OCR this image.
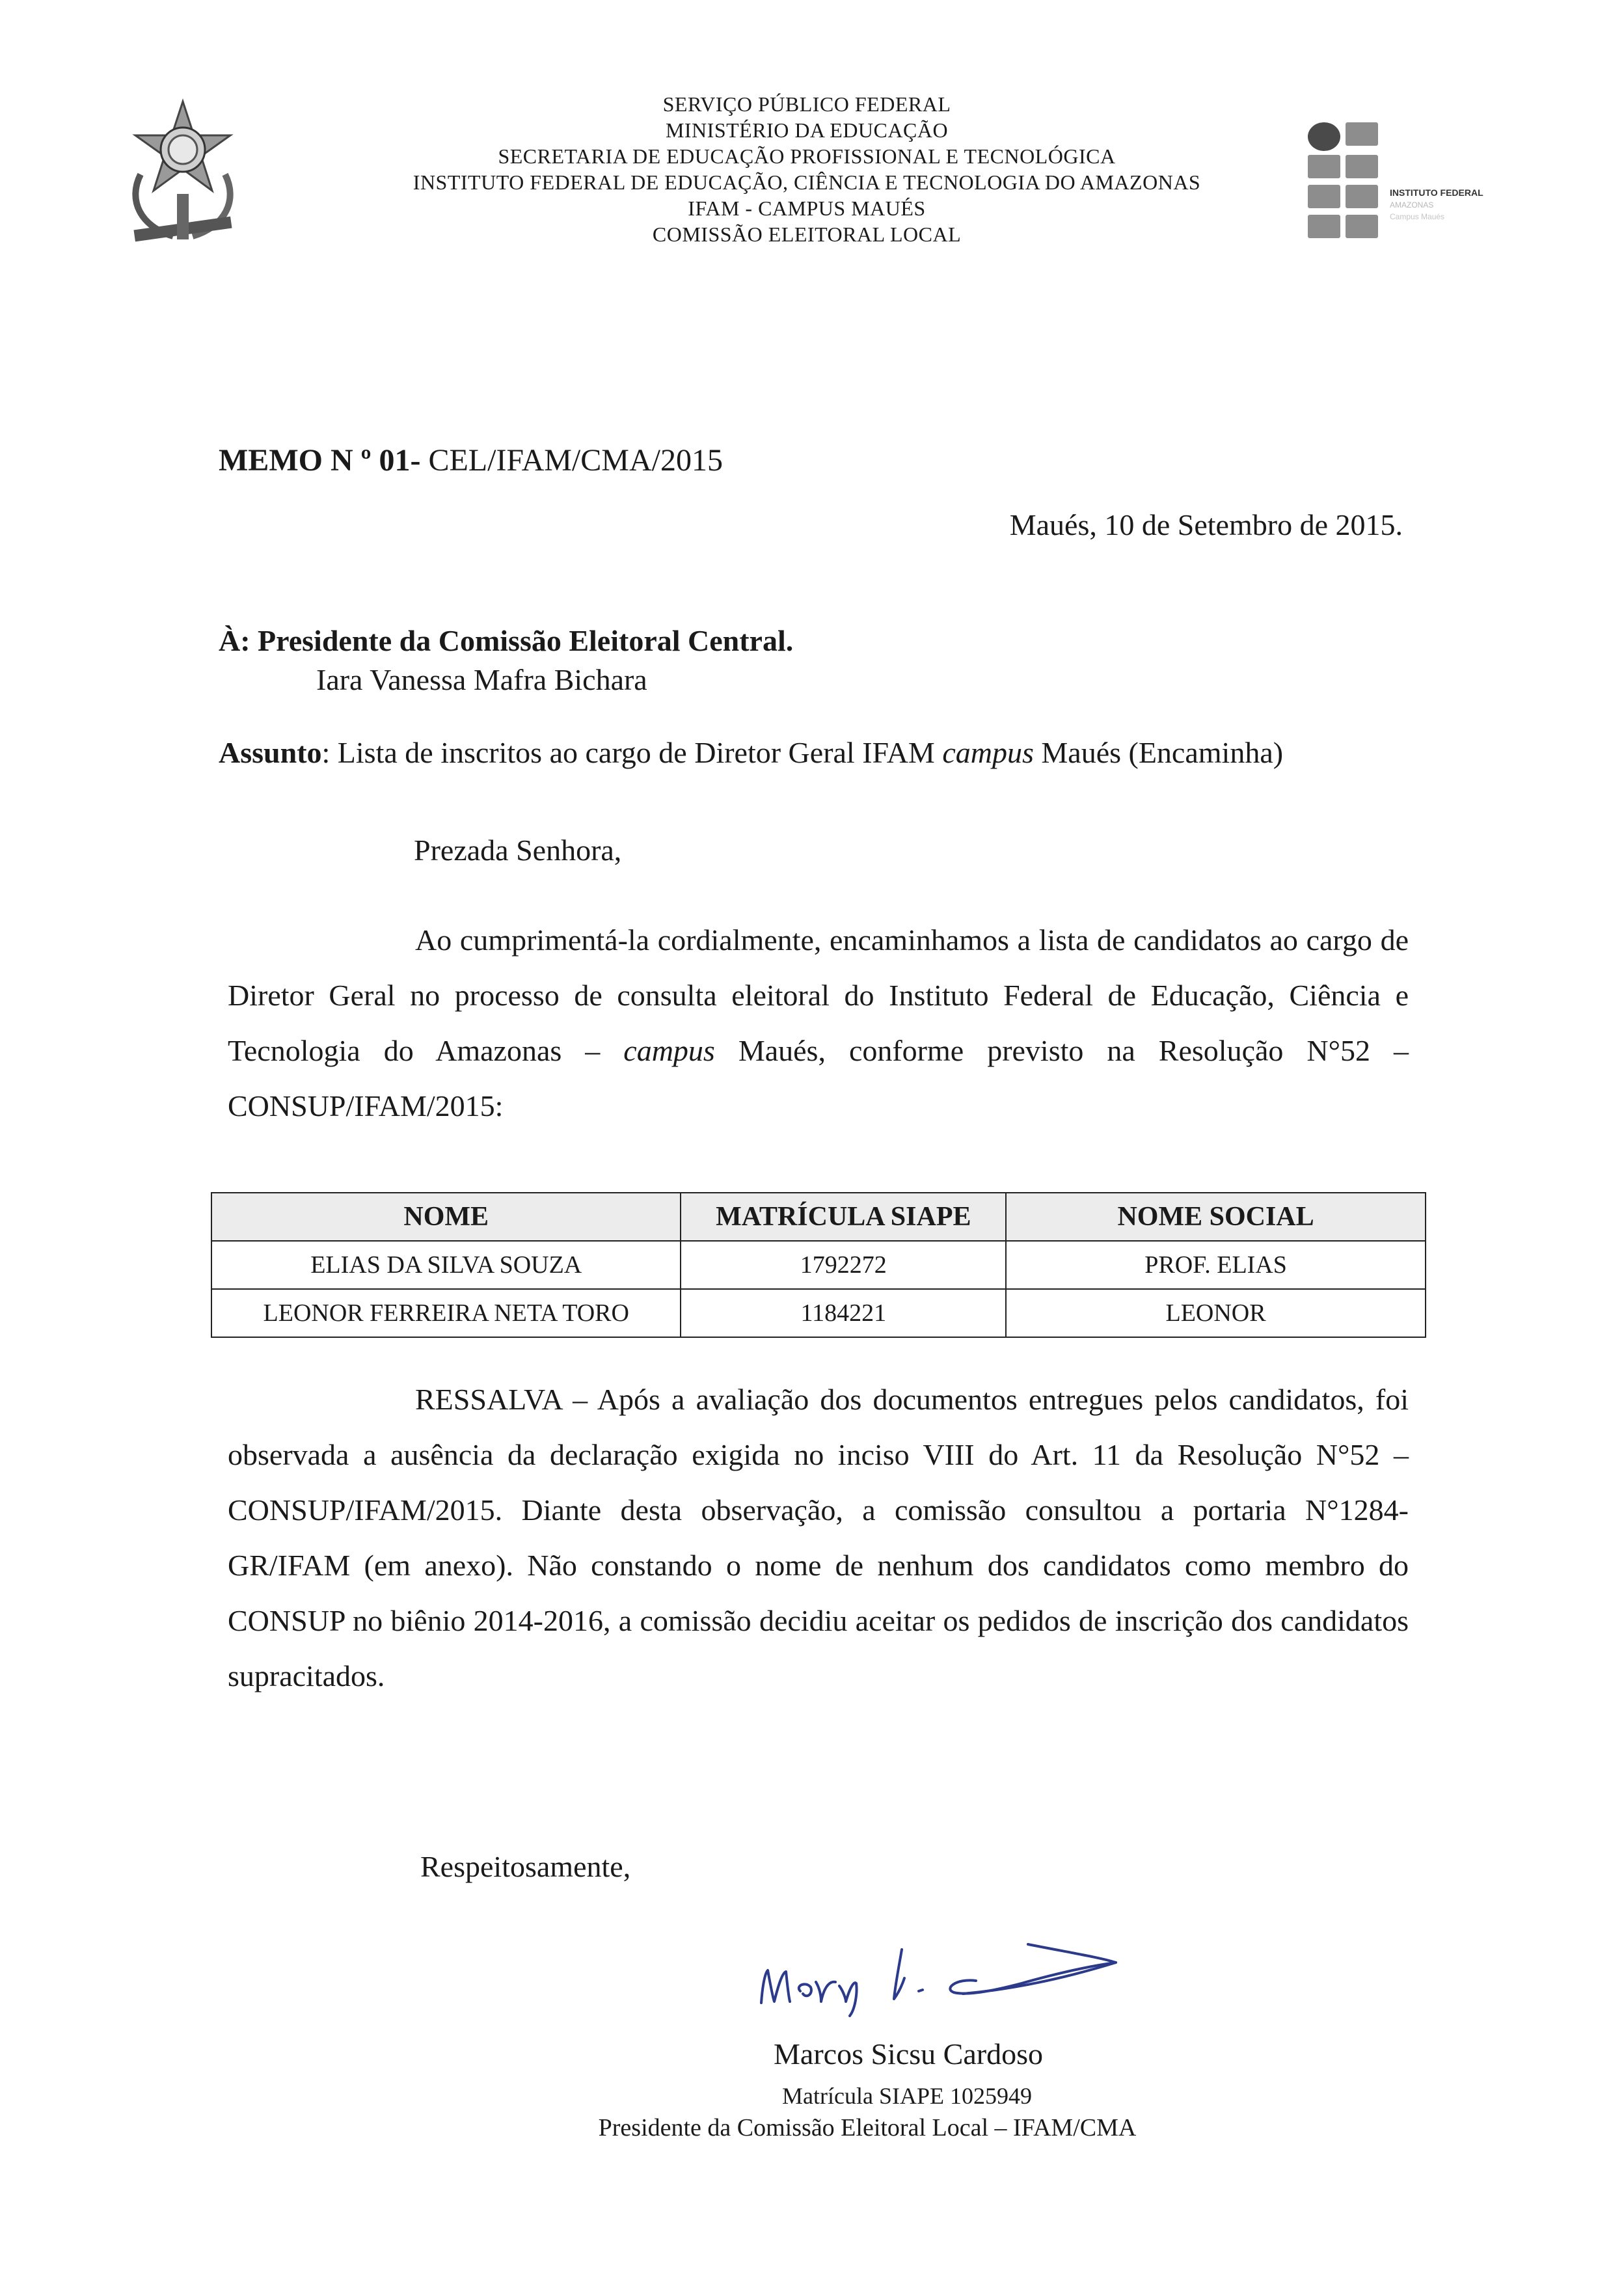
SERVIÇO PÚBLICO FEDERAL
MINISTÉRIO DA EDUCAÇÃO
SECRETARIA DE EDUCAÇÃO PROFISSIONAL E TECNOLÓGICA
INSTITUTO FEDERAL DE EDUCAÇÃO, CIÊNCIA E TECNOLOGIA DO AMAZONAS
IFAM - CAMPUS MAUÉS
COMISSÃO ELEITORAL LOCAL
INSTITUTO FEDERAL
AMAZONAS
Campus Maués
MEMO N º 01- CEL/IFAM/CMA/2015
Maués, 10 de Setembro de 2015.
À: Presidente da Comissão Eleitoral Central.
Iara Vanessa Mafra Bichara
Assunto: Lista de inscritos ao cargo de Diretor Geral IFAM campus Maués (Encaminha)
Prezada Senhora,
Ao cumprimentá-la cordialmente, encaminhamos a lista de candidatos ao cargo de Diretor Geral no processo de consulta eleitoral do Instituto Federal de Educação, Ciência e Tecnologia do Amazonas – campus Maués, conforme previsto na Resolução N°52 – CONSUP/IFAM/2015:
NOME	MATRÍCULA SIAPE	NOME SOCIAL
ELIAS DA SILVA SOUZA	1792272	PROF. ELIAS
LEONOR FERREIRA NETA TORO	1184221	LEONOR
RESSALVA – Após a avaliação dos documentos entregues pelos candidatos, foi observada a ausência da declaração exigida no inciso VIII do Art. 11 da Resolução N°52 – CONSUP/IFAM/2015. Diante desta observação, a comissão consultou a portaria N°1284-GR/IFAM (em anexo). Não constando o nome de nenhum dos candidatos como membro do CONSUP no biênio 2014-2016, a comissão decidiu aceitar os pedidos de inscrição dos candidatos supracitados.
Respeitosamente,
Marcos Sicsu Cardoso
Matrícula SIAPE 1025949
Presidente da Comissão Eleitoral Local – IFAM/CMA
